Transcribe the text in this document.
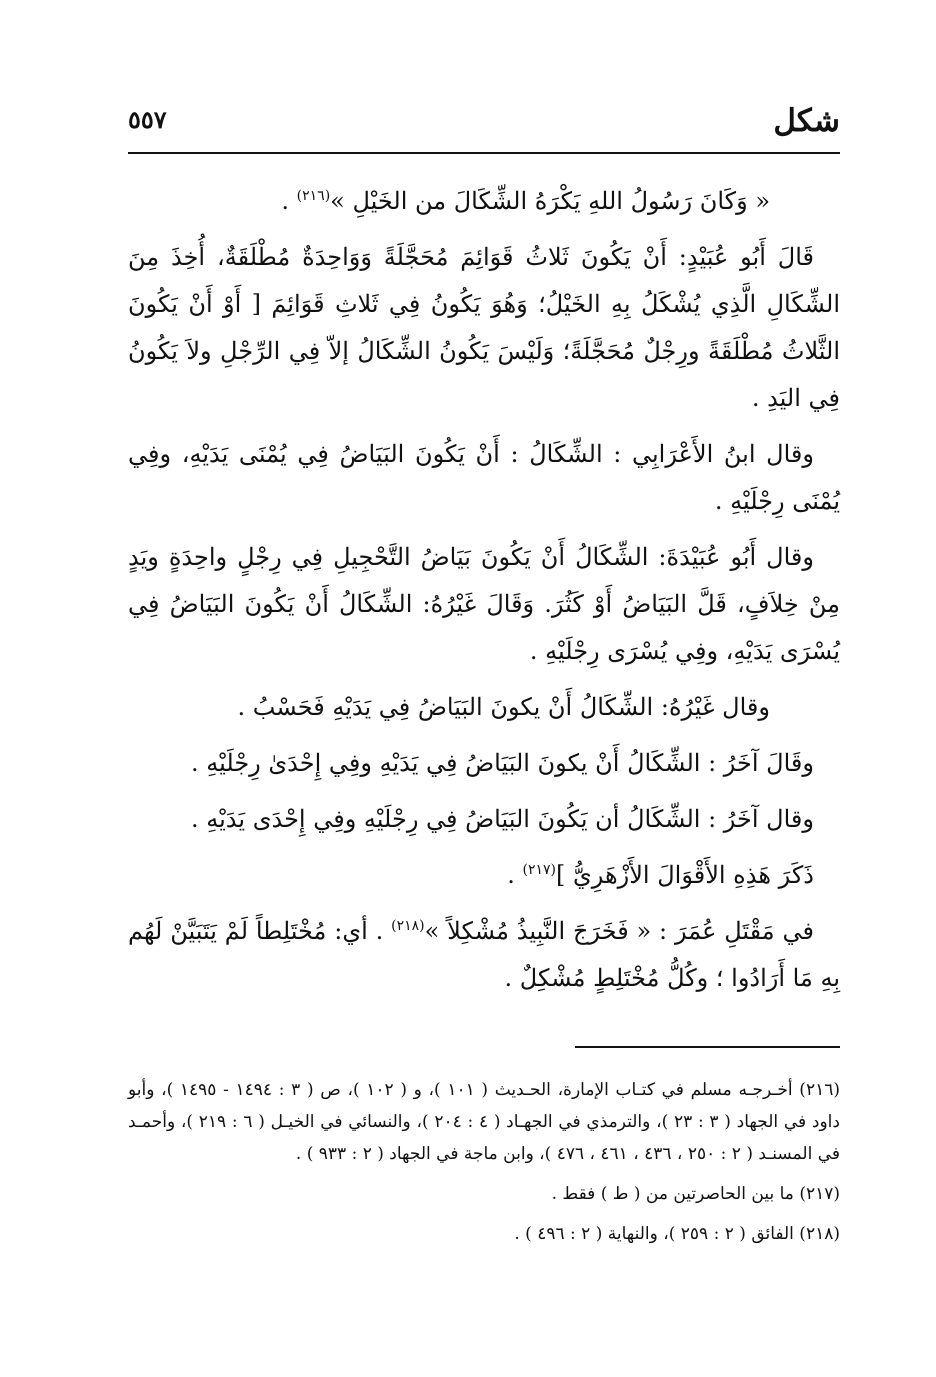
شكل
٥٥٧

« وَكَانَ رَسُولُ اللهِ يَكْرَهُ الشِّكَالَ من الخَيْلِ »$^{(٢١٦)}$ .

قَالَ أَبُو عُبَيْدٍ: أَنْ يَكُونَ ثَلاثُ قَوَائِمَ مُحَجَّلَةً وَوَاحِدَةٌ مُطْلَقَةٌ، أُخِذَ مِنَ الشِّكَالِ الَّذِي يُشْكَلُ بِهِ الخَيْلُ؛ وَهُوَ يَكُونُ فِي ثَلاثِ قَوَائِمَ [ أَوْ أَنْ يَكُونَ الثَّلاثُ مُطْلَقَةً ورِجْلٌ مُحَجَّلَةً؛ وَلَيْسَ يَكُونُ الشِّكَالُ إلاّ فِي الرِّجْلِ ولاَ يَكُونُ فِي اليَدِ .

وقال ابنُ الأَعْرَابِي : الشِّكَالُ : أَنْ يَكُونَ البَيَاضُ فِي يُمْنَى يَدَيْهِ، وفِي يُمْنَى رِجْلَيْهِ .

وقال أَبُو عُبَيْدَةَ: الشِّكَالُ أَنْ يَكُونَ بَيَاضُ التَّحْجِيلِ فِي رِجْلٍ واحِدَةٍ ويَدٍ مِنْ خِلاَفٍ، قَلَّ البَيَاضُ أَوْ كَثُرَ. وَقَالَ غَيْرُهُ: الشِّكَالُ أَنْ يَكُونَ البَيَاضُ فِي يُسْرَى يَدَيْهِ، وفِي يُسْرَى رِجْلَيْهِ .

وقال غَيْرُهُ: الشِّكَالُ أَنْ يكونَ البَيَاضُ فِي يَدَيْهِ فَحَسْبُ .

وقَالَ آخَرُ : الشِّكَالُ أَنْ يكونَ البَيَاضُ فِي يَدَيْهِ وفِي إِحْدَىٰ رِجْلَيْهِ .

وقال آخَرُ : الشِّكَالُ أن يَكُونَ البَيَاضُ فِي رِجْلَيْهِ وفِي إِحْدَى يَدَيْهِ .

ذَكَرَ هَذِهِ الأَقْوَالَ الأَزْهَرِيُّ ]$^{(٢١٧)}$ .

في مَقْتَلِ عُمَرَ : « فَخَرَجَ النَّبِيذُ مُشْكِلاً »$^{(٢١٨)}$ . أي: مُخْتَلِطاً لَمْ يَتَبَيَّنْ لَهُم بِهِ مَا أَرَادُوا ؛ وكُلُّ مُخْتَلِطٍ مُشْكِلٌ .

(٢١٦) أخـرجـه مسلم في كتـاب الإمارة، الحـديث ( ١٠١ )، و ( ١٠٢ )، ص ( ٣ : ١٤٩٤ - ١٤٩٥ )، وأبو داود في الجهاد ( ٣ : ٢٣ )، والترمذي في الجهـاد ( ٤ : ٢٠٤ )، والنسائي في الخيـل ( ٦ : ٢١٩ )، وأحمـد في المسنـد ( ٢ : ٢٥٠ ، ٤٣٦ ، ٤٦١ ، ٤٧٦ )، وابن ماجة في الجهاد ( ٢ : ٩٣٣ ) .

(٢١٧) ما بين الحاصرتين من ( ط ) فقط .

(٢١٨) الفائق ( ٢ : ٢٥٩ )، والنهاية ( ٢ : ٤٩٦ ) .
